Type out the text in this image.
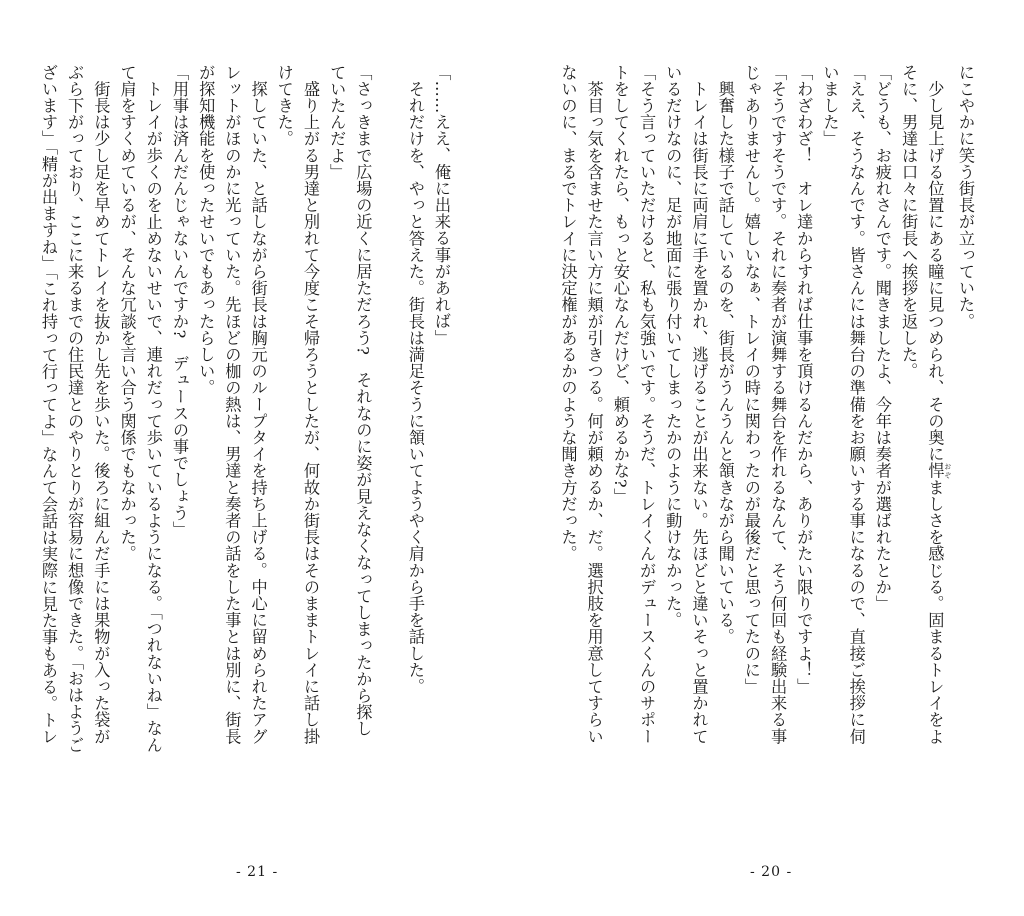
「……ええ、俺に出来る事があれば」
　それだけを、やっと答えた。街長は満足そうに頷いてようやく肩から手を話した。

「さっきまで広場の近くに居ただろう?　それなのに姿が見えなくなってしまったから探し
ていたんだよ」
　盛り上がる男達と別れて今度こそ帰ろうとしたが、何故か街長はそのままトレイに話し掛
けてきた。
　探していた、と話しながら街長は胸元のループタイを持ち上げる。中心に留められたアグ
レットがほのかに光っていた。先ほどの枷の熱は、男達と奏者の話をした事とは別に、街長
が探知機能を使ったせいでもあったらしい。
「用事は済んだんじゃないんですか?　デュースの事でしょう」
　トレイが歩くのを止めないせいで、連れだって歩いているようになる。「つれないね」なん
て肩をすくめているが、そんな冗談を言い合う関係でもなかった。
　街長は少し足を早めてトレイを抜かし先を歩いた。後ろに組んだ手には果物が入った袋が
ぶら下がっており、ここに来るまでの住民達とのやりとりが容易に想像できた。「おはようご
ざいます」「精が出ますね」「これ持って行ってよ」なんて会話は実際に見た事もある。トレ
- 21 -
にこやかに笑う街長が立っていた。
　少し見上げる位置にある瞳に見つめられ、その奥に悍 おぞましさを感じる。固まるトレイをよ
そに、男達は口々に街長へ挨拶を返した。
「どうも、お疲れさんです。聞きましたよ、今年は奏者が選ばれたとか」
「ええ、そうなんです。皆さんには舞台の準備をお願いする事になるので、直接ご挨拶に伺
いました」
「わざわざ！　オレ達からすれば仕事を頂けるんだから、ありがたい限りですよ！」
「そうですそうです。それに奏者が演舞する舞台を作れるなんて、そう何回も経験出来る事
じゃありませんし。嬉しいなぁ、トレイの時に関わったのが最後だと思ってたのに」
　興奮した様子で話しているのを、街長がうんうんと頷きながら聞いている。
　トレイは街長に両肩に手を置かれ、逃げることが出来ない。先ほどと違いそっと置かれて
いるだけなのに、足が地面に張り付いてしまったかのように動けなかった。
「そう言っていただけると、私も気強いです。そうだ、トレイくんがデュースくんのサポー
トをしてくれたら、もっと安心なんだけど、頼めるかな?」
　茶目っ気を含ませた言い方に頬が引きつる。何が頼めるか、だ。選択肢を用意してすらい
ないのに、まるでトレイに決定権があるかのような聞き方だった。
- 20 -
